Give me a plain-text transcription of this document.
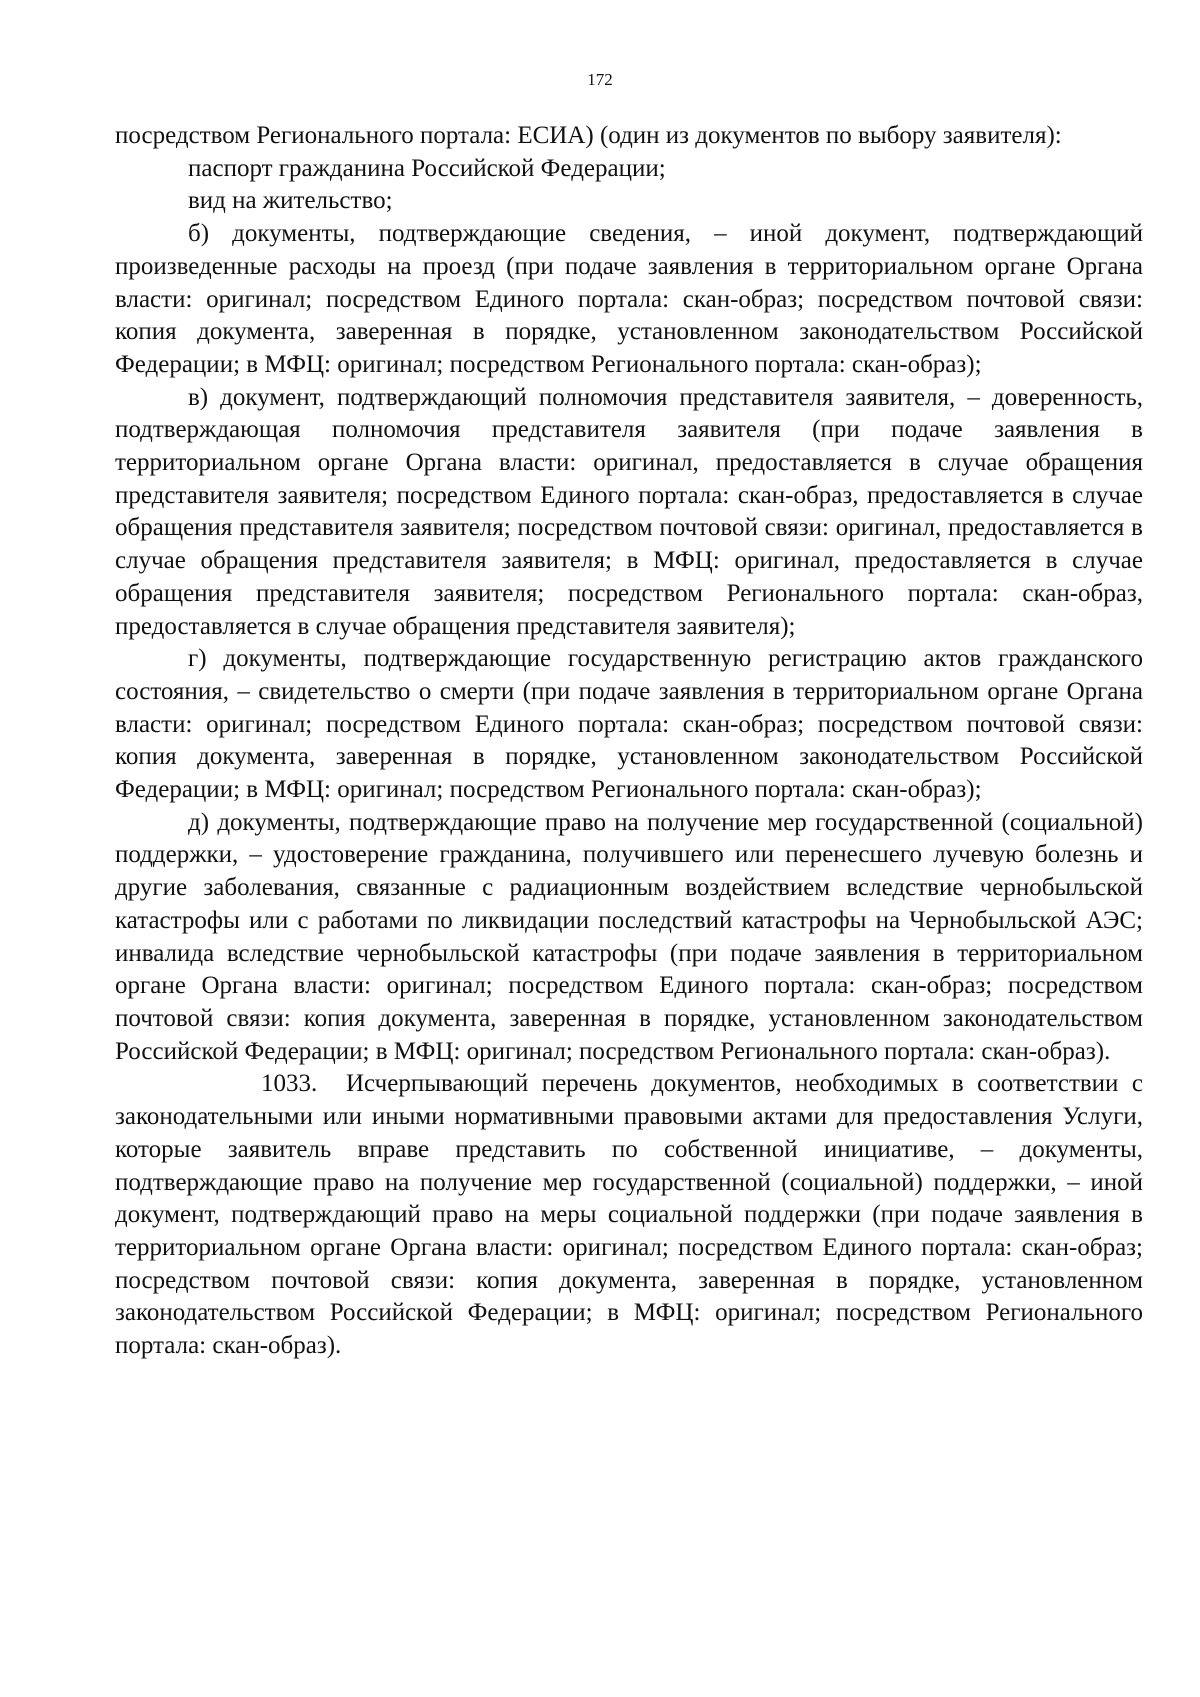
172

посредством Регионального портала: ЕСИА) (один из документов по выбору заявителя):

паспорт гражданина Российской Федерации;

вид на жительство;

б) документы, подтверждающие сведения, – иной документ, подтверждающий произведенные расходы на проезд (при подаче заявления в территориальном органе Органа власти: оригинал; посредством Единого портала: скан-образ; посредством почтовой связи: копия документа, заверенная в порядке, установленном законодательством Российской Федерации; в МФЦ: оригинал; посредством Регионального портала: скан-образ);

в) документ, подтверждающий полномочия представителя заявителя, – доверенность, подтверждающая полномочия представителя заявителя (при подаче заявления в территориальном органе Органа власти: оригинал, предоставляется в случае обращения представителя заявителя; посредством Единого портала: скан-образ, предоставляется в случае обращения представителя заявителя; посредством почтовой связи: оригинал, предоставляется в случае обращения представителя заявителя; в МФЦ: оригинал, предоставляется в случае обращения представителя заявителя; посредством Регионального портала: скан-образ, предоставляется в случае обращения представителя заявителя);

г) документы, подтверждающие государственную регистрацию актов гражданского состояния, – свидетельство о смерти (при подаче заявления в территориальном органе Органа власти: оригинал; посредством Единого портала: скан-образ; посредством почтовой связи: копия документа, заверенная в порядке, установленном законодательством Российской Федерации; в МФЦ: оригинал; посредством Регионального портала: скан-образ);

д) документы, подтверждающие право на получение мер государственной (социальной) поддержки, – удостоверение гражданина, получившего или перенесшего лучевую болезнь и другие заболевания, связанные с радиационным воздействием вследствие чернобыльской катастрофы или с работами по ликвидации последствий катастрофы на Чернобыльской АЭС; инвалида вследствие чернобыльской катастрофы (при подаче заявления в территориальном органе Органа власти: оригинал; посредством Единого портала: скан-образ; посредством почтовой связи: копия документа, заверенная в порядке, установленном законодательством Российской Федерации; в МФЦ: оригинал; посредством Регионального портала: скан-образ).

1033. Исчерпывающий перечень документов, необходимых в соответствии с законодательными или иными нормативными правовыми актами для предоставления Услуги, которые заявитель вправе представить по собственной инициативе, – документы, подтверждающие право на получение мер государственной (социальной) поддержки, – иной документ, подтверждающий право на меры социальной поддержки (при подаче заявления в территориальном органе Органа власти: оригинал; посредством Единого портала: скан-образ; посредством почтовой связи: копия документа, заверенная в порядке, установленном законодательством Российской Федерации; в МФЦ: оригинал; посредством Регионального портала: скан-образ).
